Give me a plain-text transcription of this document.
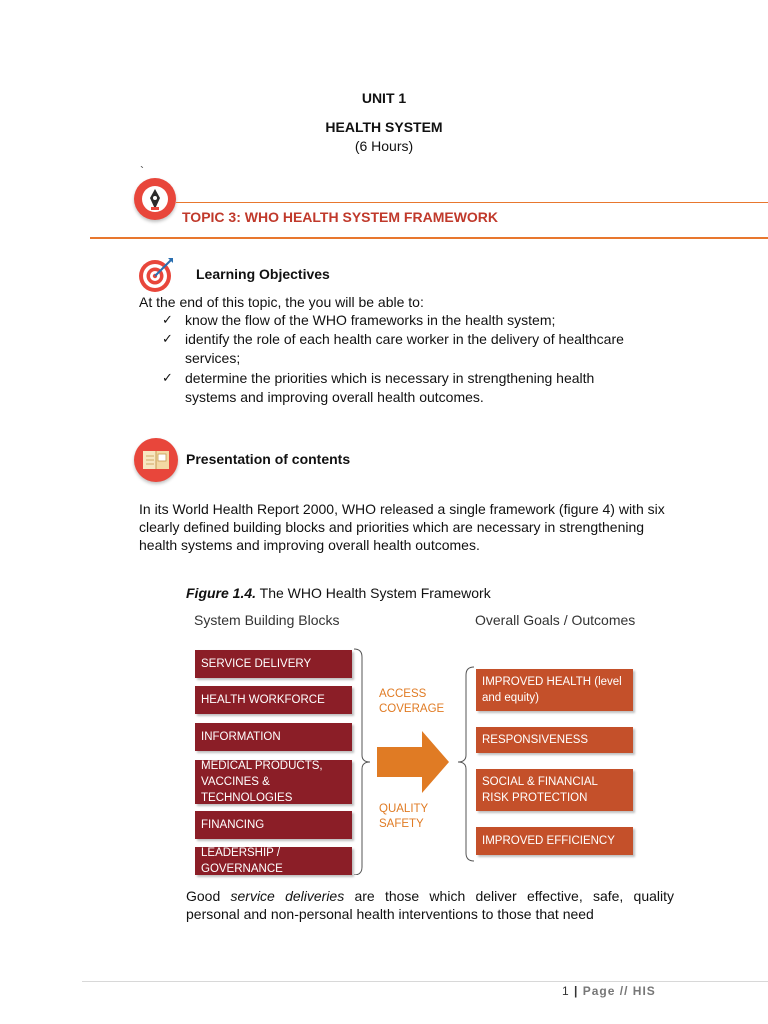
UNIT 1
HEALTH SYSTEM
(6 Hours)
`
TOPIC 3: WHO HEALTH SYSTEM FRAMEWORK
Learning Objectives
At the end of this topic, the you will be able to:
✓ know the flow of the WHO frameworks in the health system;
✓ identify the role of each health care worker in the delivery of healthcare
services;
✓ determine the priorities which is necessary in strengthening health
systems and improving overall health outcomes.
Presentation of contents
In its World Health Report 2000, WHO released a single framework (figure 4) with six clearly defined building blocks and priorities which are necessary in strengthening health systems and improving overall health outcomes.
Figure 1.4. The WHO Health System Framework
System Building Blocks	Overall Goals / Outcomes
SERVICE DELIVERY
HEALTH WORKFORCE
INFORMATION
MEDICAL PRODUCTS, VACCINES & TECHNOLOGIES
FINANCING
LEADERSHIP / GOVERNANCE
ACCESS COVERAGE
QUALITY SAFETY
IMPROVED HEALTH (level and equity)
RESPONSIVENESS
SOCIAL & FINANCIAL RISK PROTECTION
IMPROVED EFFICIENCY
Good service deliveries are those which deliver effective, safe, quality personal and non-personal health interventions to those that need
1 | Page // HIS
